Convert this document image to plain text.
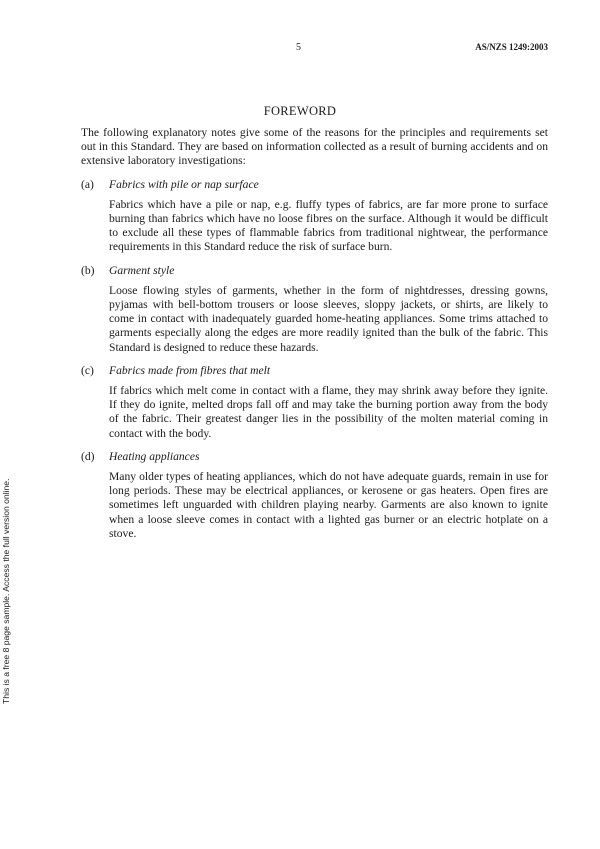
5	AS/NZS 1249:2003
FOREWORD

The following explanatory notes give some of the reasons for the principles and requirements set out in this Standard. They are based on information collected as a result of burning accidents and on extensive laboratory investigations:

(a)	Fabrics with pile or nap surface

Fabrics which have a pile or nap, e.g. fluffy types of fabrics, are far more prone to surface burning than fabrics which have no loose fibres on the surface. Although it would be difficult to exclude all these types of flammable fabrics from traditional nightwear, the performance requirements in this Standard reduce the risk of surface burn.

(b)	Garment style

Loose flowing styles of garments, whether in the form of nightdresses, dressing gowns, pyjamas with bell-bottom trousers or loose sleeves, sloppy jackets, or shirts, are likely to come in contact with inadequately guarded home-heating appliances. Some trims attached to garments especially along the edges are more readily ignited than the bulk of the fabric. This Standard is designed to reduce these hazards.

(c)	Fabrics made from fibres that melt

If fabrics which melt come in contact with a flame, they may shrink away before they ignite. If they do ignite, melted drops fall off and may take the burning portion away from the body of the fabric. Their greatest danger lies in the possibility of the molten material coming in contact with the body.

(d)	Heating appliances

Many older types of heating appliances, which do not have adequate guards, remain in use for long periods. These may be electrical appliances, or kerosene or gas heaters. Open fires are sometimes left unguarded with children playing nearby. Garments are also known to ignite when a loose sleeve comes in contact with a lighted gas burner or an electric hotplate on a stove.

This is a free 8 page sample. Access the full version online.
